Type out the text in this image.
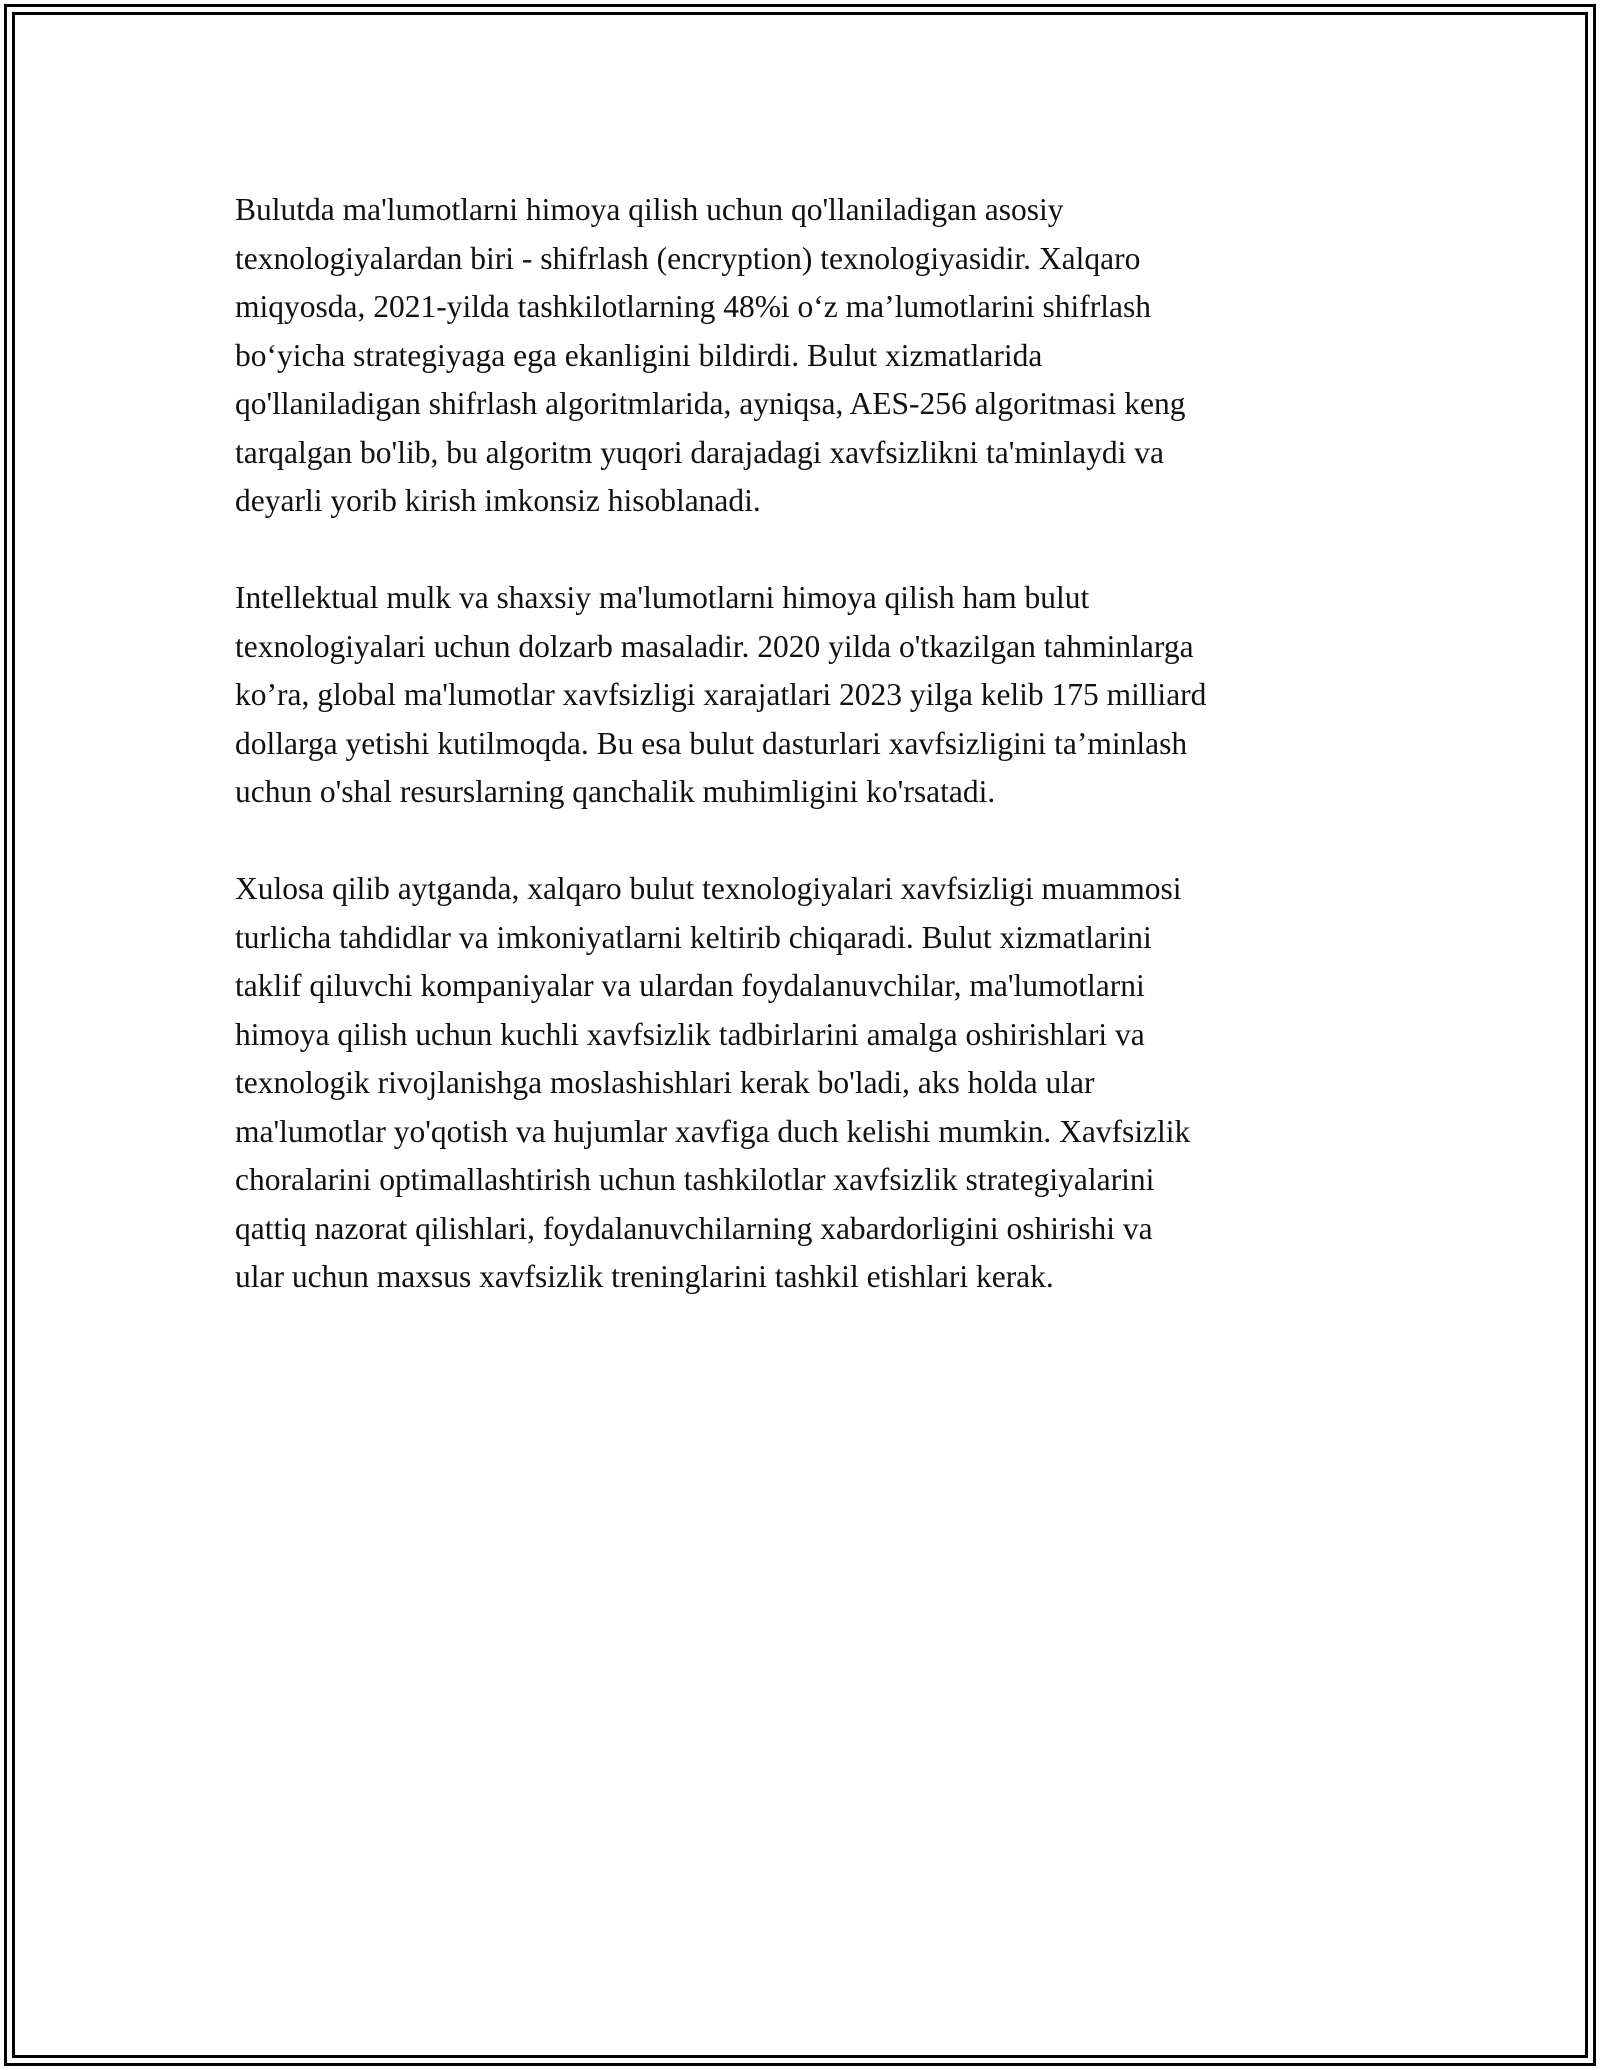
Bulutda ma'lumotlarni himoya qilish uchun qo'llaniladigan asosiy
texnologiyalardan biri - shifrlash (encryption) texnologiyasidir. Xalqaro
miqyosda, 2021-yilda tashkilotlarning 48%i o‘z ma’lumotlarini shifrlash
bo‘yicha strategiyaga ega ekanligini bildirdi. Bulut xizmatlarida
qo'llaniladigan shifrlash algoritmlarida, ayniqsa, AES-256 algoritmasi keng
tarqalgan bo'lib, bu algoritm yuqori darajadagi xavfsizlikni ta'minlaydi va
deyarli yorib kirish imkonsiz hisoblanadi.

Intellektual mulk va shaxsiy ma'lumotlarni himoya qilish ham bulut
texnologiyalari uchun dolzarb masaladir. 2020 yilda o'tkazilgan tahminlarga
ko’ra, global ma'lumotlar xavfsizligi xarajatlari 2023 yilga kelib 175 milliard
dollarga yetishi kutilmoqda. Bu esa bulut dasturlari xavfsizligini ta’minlash
uchun o'shal resurslarning qanchalik muhimligini ko'rsatadi.

Xulosa qilib aytganda, xalqaro bulut texnologiyalari xavfsizligi muammosi
turlicha tahdidlar va imkoniyatlarni keltirib chiqaradi. Bulut xizmatlarini
taklif qiluvchi kompaniyalar va ulardan foydalanuvchilar, ma'lumotlarni
himoya qilish uchun kuchli xavfsizlik tadbirlarini amalga oshirishlari va
texnologik rivojlanishga moslashishlari kerak bo'ladi, aks holda ular
ma'lumotlar yo'qotish va hujumlar xavfiga duch kelishi mumkin. Xavfsizlik
choralarini optimallashtirish uchun tashkilotlar xavfsizlik strategiyalarini
qattiq nazorat qilishlari, foydalanuvchilarning xabardorligini oshirishi va
ular uchun maxsus xavfsizlik treninglarini tashkil etishlari kerak.
